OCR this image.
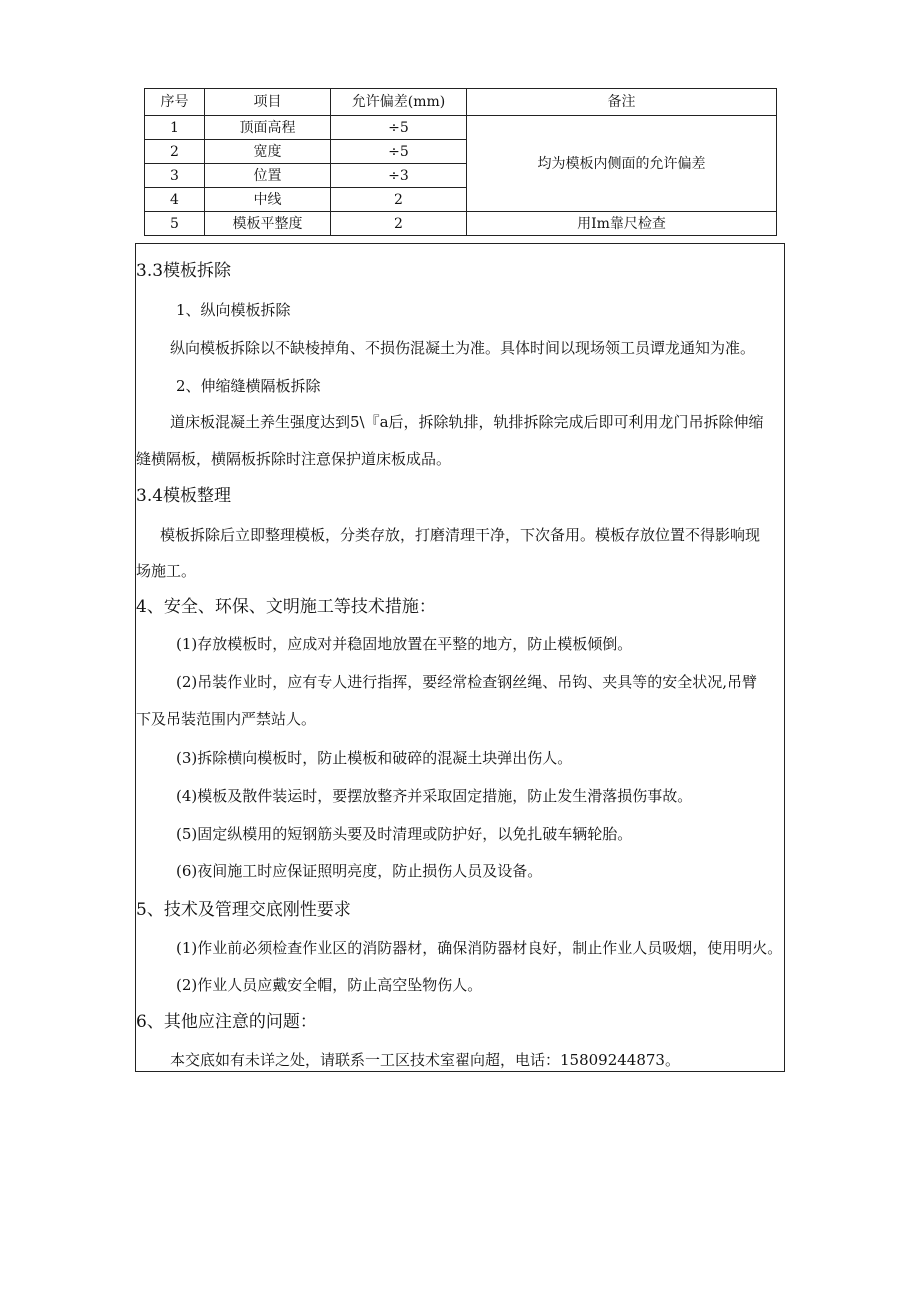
序号	项目	允许偏差(mm)	备注
1	顶面高程	÷5	均为模板内侧面的允许偏差
2	宽度	÷5	
3	位置	÷3	
4	中线	2	
5	模板平整度	2	用Im靠尺检查
3.3模板拆除
1、纵向模板拆除
纵向模板拆除以不缺棱掉角、不损伤混凝土为准。具体时间以现场领工员谭龙通知为准。
2、伸缩缝横隔板拆除
道床板混凝土养生强度达到5\『a后，拆除轨排，轨排拆除完成后即可利用龙门吊拆除伸缩
缝横隔板，横隔板拆除时注意保护道床板成品。
3.4模板整理
模板拆除后立即整理模板，分类存放，打磨清理干净，下次备用。模板存放位置不得影响现
场施工。
4、安全、环保、文明施工等技术措施：
(1)存放模板时，应成对并稳固地放置在平整的地方，防止模板倾倒。
(2)吊装作业时，应有专人进行指挥，要经常检查钢丝绳、吊钩、夹具等的安全状况,吊臂
下及吊装范围内严禁站人。
(3)拆除横向模板时，防止模板和破碎的混凝土块弹出伤人。
(4)模板及散件装运时，要摆放整齐并采取固定措施，防止发生滑落损伤事故。
(5)固定纵模用的短钢筋头要及时清理或防护好，以免扎破车辆轮胎。
(6)夜间施工时应保证照明亮度，防止损伤人员及设备。
5、技术及管理交底刚性要求
(1)作业前必须检查作业区的消防器材，确保消防器材良好，制止作业人员吸烟，使用明火。
(2)作业人员应戴安全帽，防止高空坠物伤人。
6、其他应注意的问题：
本交底如有未详之处，请联系一工区技术室翟向超，电话：15809244873。
